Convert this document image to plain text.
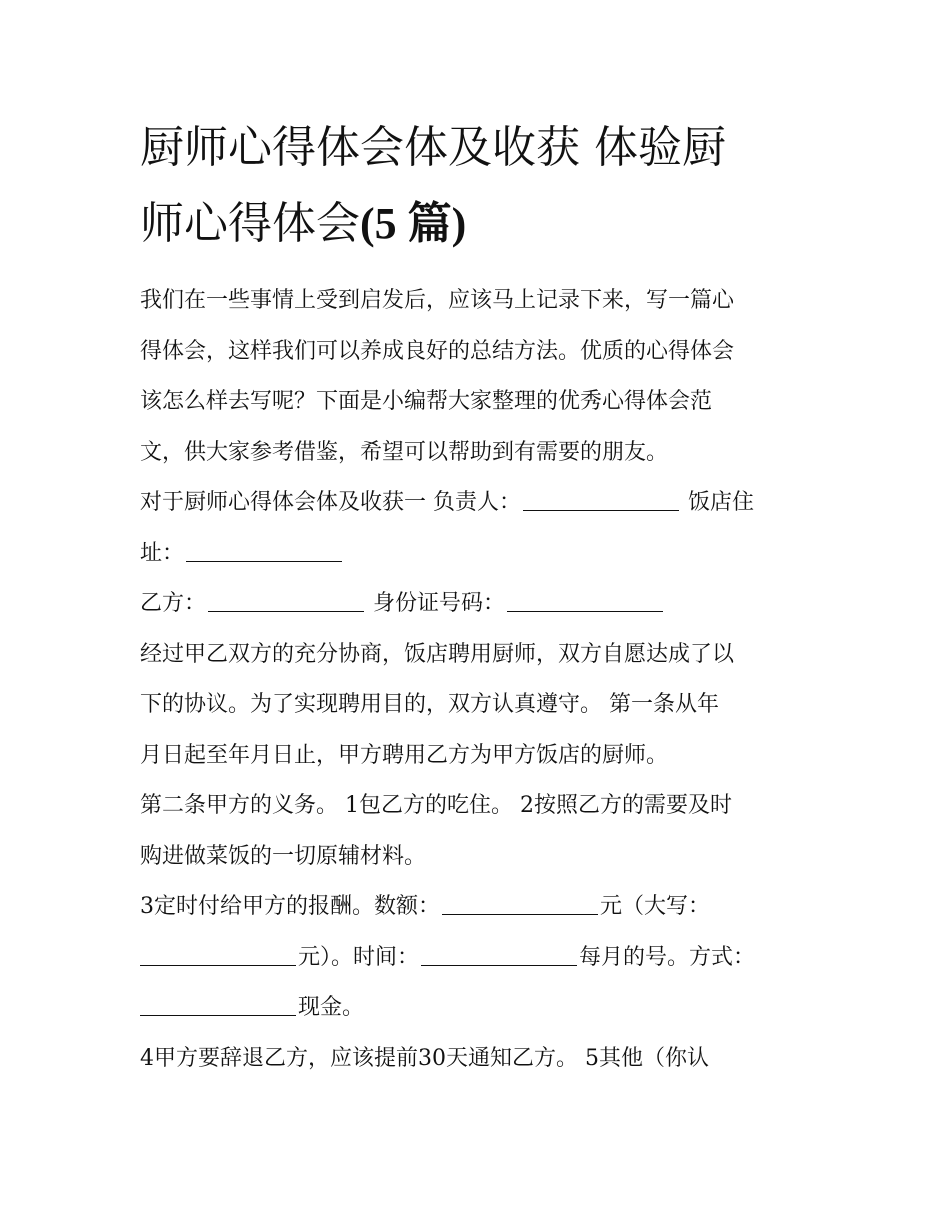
厨师心得体会体及收获 体验厨
师心得体会(5 篇)
我们在一些事情上受到启发后，应该马上记录下来，写一篇心
得体会，这样我们可以养成良好的总结方法。优质的心得体会
该怎么样去写呢？下面是小编帮大家整理的优秀心得体会范
文，供大家参考借鉴，希望可以帮助到有需要的朋友。
对于厨师心得体会体及收获一 负责人：	饭店住
址：
乙方：	身份证号码：
经过甲乙双方的充分协商，饭店聘用厨师，双方自愿达成了以
下的协议。为了实现聘用目的，双方认真遵守。 第一条从年
月日起至年月日止，甲方聘用乙方为甲方饭店的厨师。
第二条甲方的义务。 1包乙方的吃住。 2按照乙方的需要及时
购进做菜饭的一切原辅材料。
3定时付给甲方的报酬。数额：	元（大写：
元）。时间：	每月的号。方式：
现金。
4甲方要辞退乙方，应该提前30天通知乙方。 5其他（你认
